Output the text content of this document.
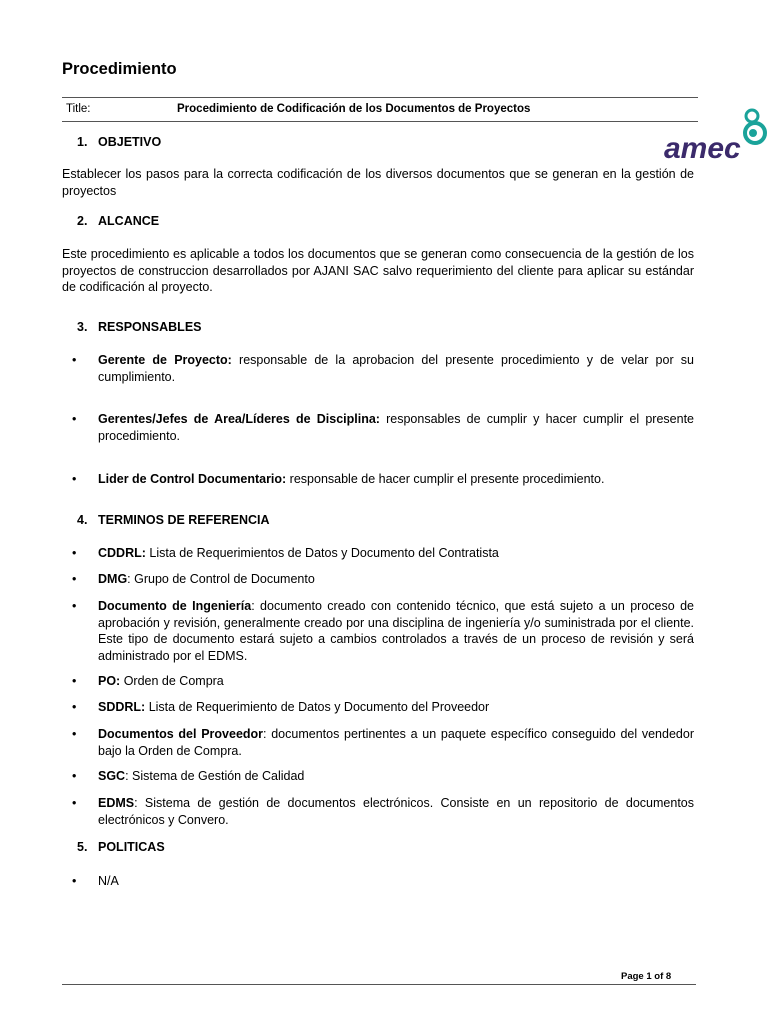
Procedimiento
Title:	Procedimiento de Codificación de los Documentos de Proyectos
amec
1. OBJETIVO
Establecer los pasos para la correcta codificación de los diversos documentos que se generan en la gestión de proyectos
2. ALCANCE
Este procedimiento es aplicable a todos los documentos que se generan como consecuencia de la gestión de los proyectos de construccion desarrollados por AJANI SAC salvo requerimiento del cliente para aplicar su estándar de codificación al proyecto.
3. RESPONSABLES
•	Gerente de Proyecto: responsable de la aprobacion del presente procedimiento y de velar por su cumplimiento.
•	Gerentes/Jefes de Area/Líderes de Disciplina: responsables de cumplir y hacer cumplir el presente procedimiento.
•	Lider de Control Documentario: responsable de hacer cumplir el presente procedimiento.
4. TERMINOS DE REFERENCIA
•	CDDRL: Lista de Requerimientos de Datos y Documento del Contratista
•	DMG: Grupo de Control de Documento
•	Documento de Ingeniería: documento creado con contenido técnico, que está sujeto a un proceso de aprobación y revisión, generalmente creado por una disciplina de ingeniería y/o suministrada por el cliente. Este tipo de documento estará sujeto a cambios controlados a través de un proceso de revisión y será administrado por el EDMS.
•	PO: Orden de Compra
•	SDDRL: Lista de Requerimiento de Datos y Documento del Proveedor
•	Documentos del Proveedor: documentos pertinentes a un paquete específico conseguido del vendedor bajo la Orden de Compra.
•	SGC: Sistema de Gestión de Calidad
•	EDMS: Sistema de gestión de documentos electrónicos. Consiste en un repositorio de documentos electrónicos y Convero.
5. POLITICAS
•	N/A
Page 1 of 8
